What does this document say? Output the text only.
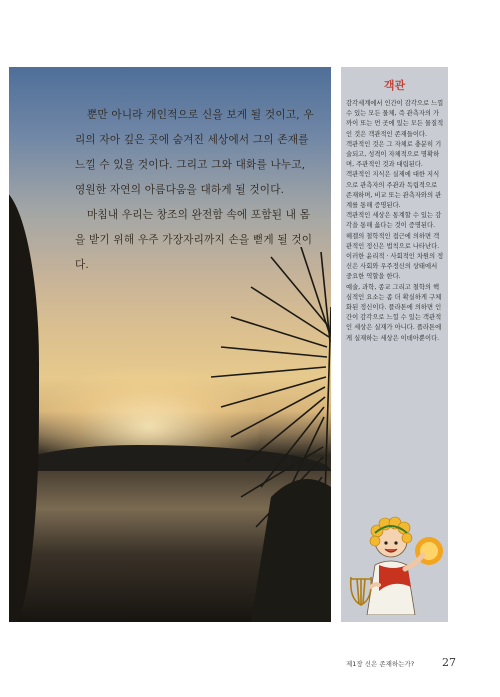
뿐만 아니라 개인적으로 신을 보게 될 것이고, 우리의 자아 깊은 곳에 숨겨진 세상에서 그의 존재를 느낄 수 있을 것이다. 그리고 그와 대화를 나누고, 영원한 자연의 아름다움을 대하게 될 것이다.

마침내 우리는 창조의 완전함 속에 포함된 내 몸을 받기 위해 우주 가장자리까지 손을 뻗게 될 것이다.

객관

감각세계에서 인간이 감각으로 느낄 수 있는 모든 물체, 즉 관측자의 가까이 또는 먼 곳에 있는 모든 물질적인 것은 객관적인 존재들이다.

객관적인 것은 그 자체로 충분히 기술되고, 성격이 자체적으로 명확하며, 주관적인 것과 대립된다.

객관적인 지식은 실제에 대한 지식으로 관측자의 주관과 독립적으로 존재하며, 비교 또는 관측자와의 관계를 통해 증명된다.

객관적인 세상은 통계할 수 있는 감각을 통해 옳다는 것이 증명된다.

헤겔의 철학적인 접근에 의하면 객관적인 정신은 법칙으로 나타난다. 이러한 윤리적 · 사회적인 차원의 정신은 사회와 우주정신의 상태에서 중요한 역할을 한다.

예술, 과학, 종교 그리고 철학의 핵심적인 요소는 좀 더 확실하게 구체화된 정신이다. 플라톤에 의하면 인간이 감각으로 느낄 수 있는 객관적인 세상은 실재가 아니다. 플라톤에게 실재하는 세상은 이데아뿐이다.

제1장 신은 존재하는가?	27
